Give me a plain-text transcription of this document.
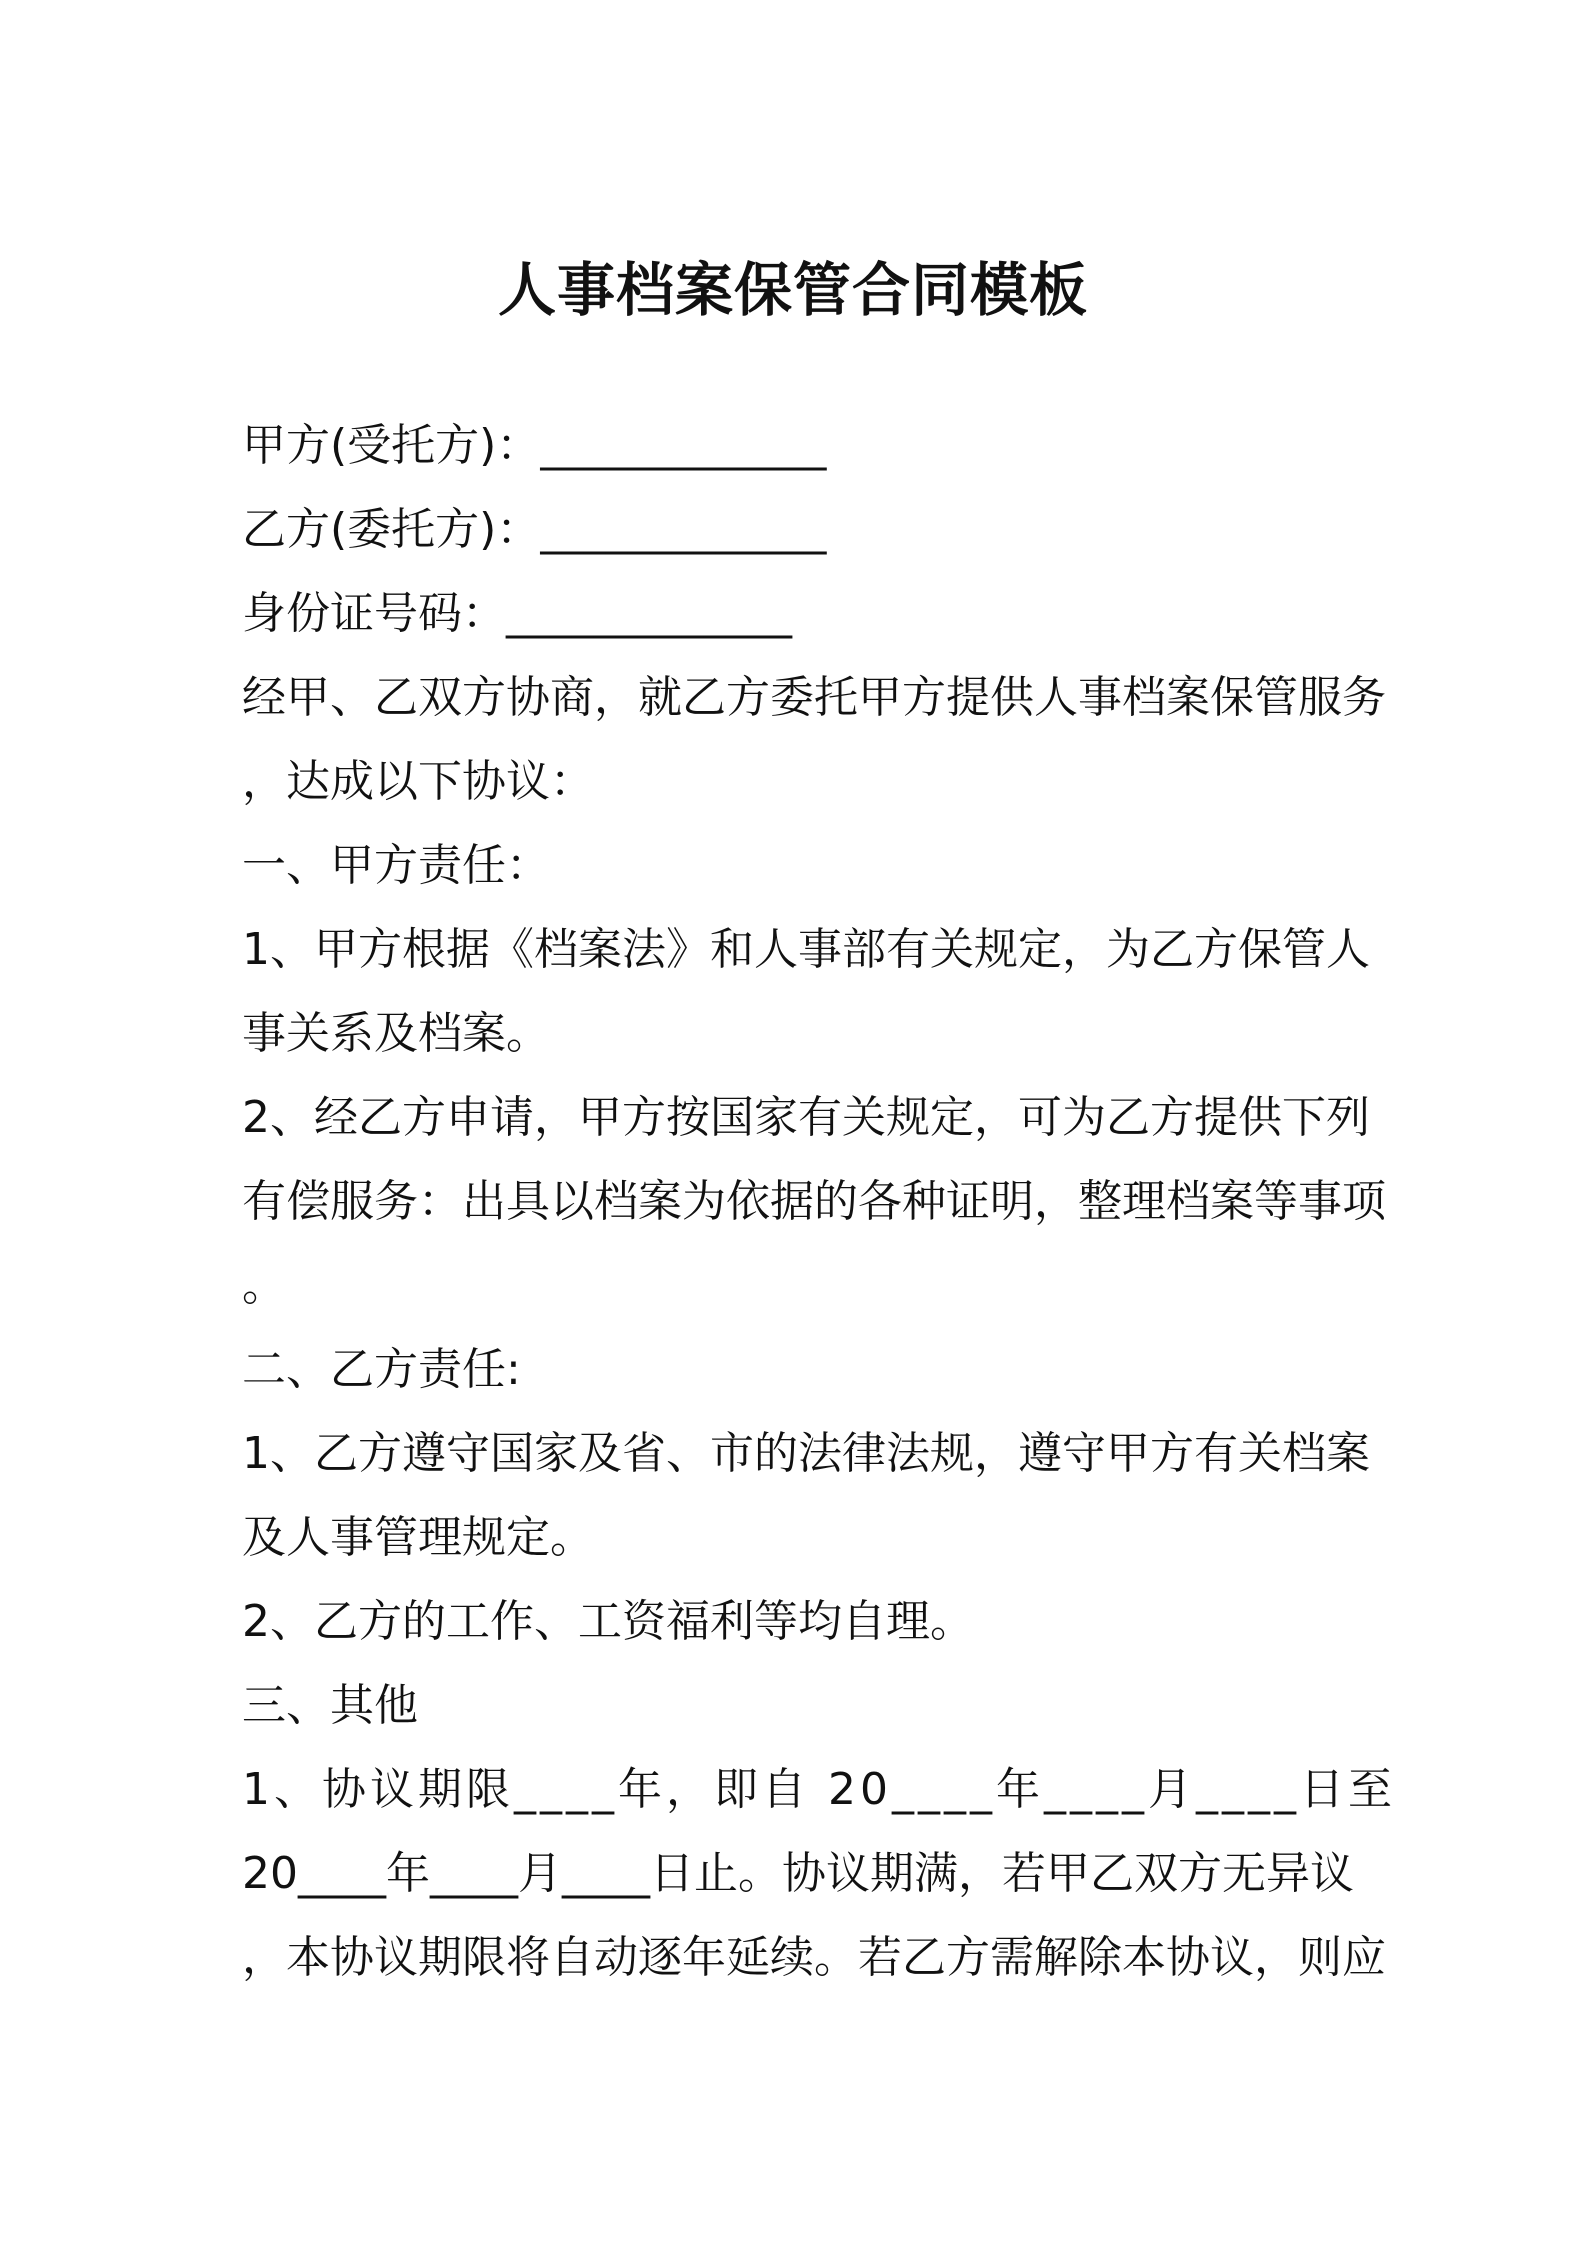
人事档案保管合同模板
甲方(受托方)：_____________
乙方(委托方)：_____________
身份证号码：_____________
经甲、乙双方协商，就乙方委托甲方提供人事档案保管服务
，达成以下协议：
一、甲方责任：
1、甲方根据《档案法》和人事部有关规定，为乙方保管人
事关系及档案。
2、经乙方申请，甲方按国家有关规定，可为乙方提供下列
有偿服务：出具以档案为依据的各种证明，整理档案等事项
。
二、乙方责任:
1、乙方遵守国家及省、市的法律法规，遵守甲方有关档案
及人事管理规定。
2、乙方的工作、工资福利等均自理。
三、其他
1、协议期限____年，即自 20____年____月____日至
20____年____月____日止。协议期满，若甲乙双方无异议
，本协议期限将自动逐年延续。若乙方需解除本协议，则应
